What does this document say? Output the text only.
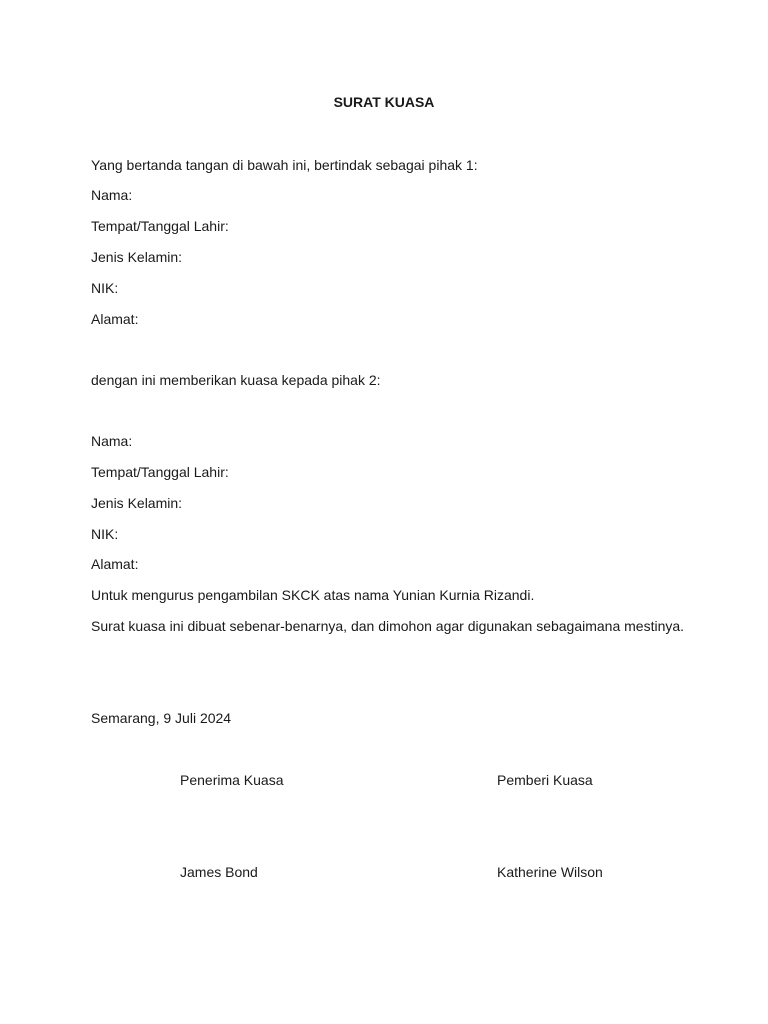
SURAT KUASA
Yang bertanda tangan di bawah ini, bertindak sebagai pihak 1:
Nama:
Tempat/Tanggal Lahir:
Jenis Kelamin:
NIK:
Alamat:
dengan ini memberikan kuasa kepada pihak 2:
Nama:
Tempat/Tanggal Lahir:
Jenis Kelamin:
NIK:
Alamat:
Untuk mengurus pengambilan SKCK atas nama Yunian Kurnia Rizandi.
Surat kuasa ini dibuat sebenar-benarnya, dan dimohon agar digunakan sebagaimana mestinya.
Semarang, 9 Juli 2024
Penerima Kuasa	Pemberi Kuasa
James Bond	Katherine Wilson
